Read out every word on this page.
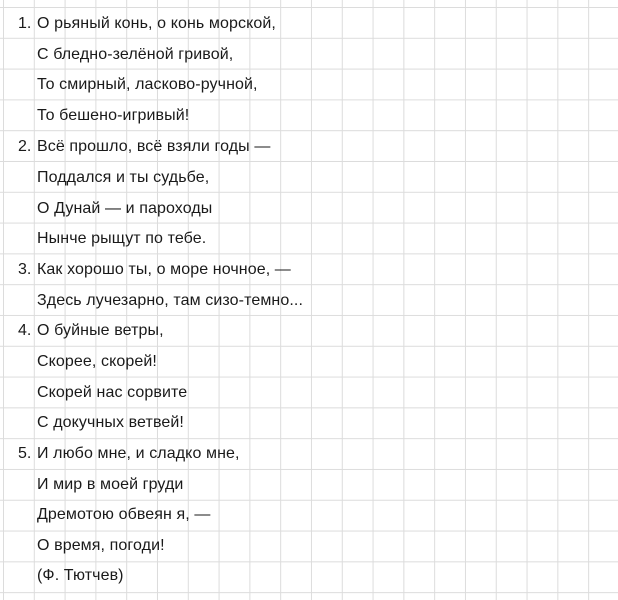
1. О рьяный конь, о конь морской,
С бледно-зелёной гривой,
То смирный, ласково-ручной,
То бешено-игривый!
2. Всё прошло, всё взяли годы —
Поддался и ты судьбе,
О Дунай — и пароходы
Нынче рыщут по тебе.
3. Как хорошо ты, о море ночное, —
Здесь лучезарно, там сизо-темно...
4. О буйные ветры,
Скорее, скорей!
Скорей нас сорвите
С докучных ветвей!
5. И любо мне, и сладко мне,
И мир в моей груди
Дремотою обвеян я, —
О время, погоди!
(Ф. Тютчев)
